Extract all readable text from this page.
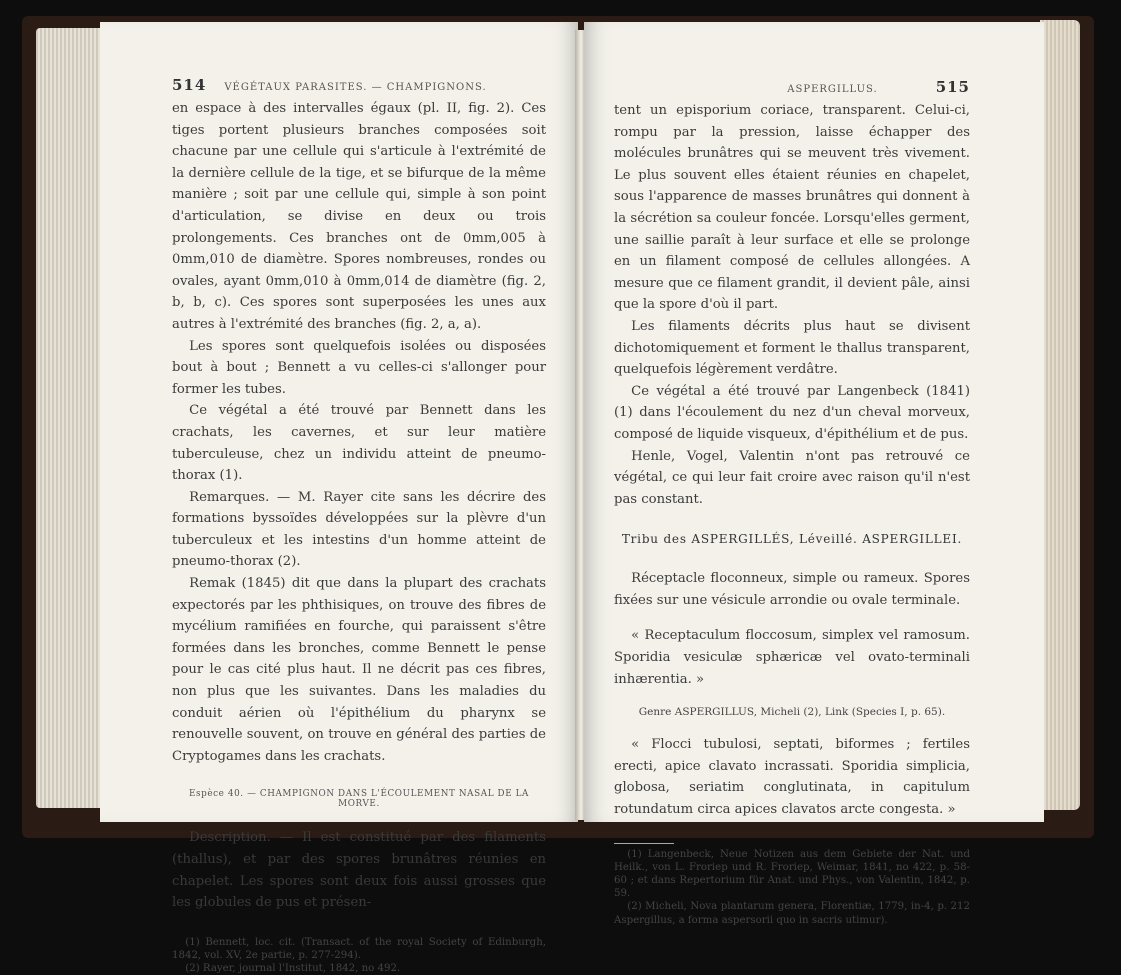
514 VÉGÉTAUX PARASITES. — CHAMPIGNONS.

en espace à des intervalles égaux (pl. II, fig. 2). Ces tiges portent plusieurs branches composées soit chacune par une cellule qui s'articule à l'extrémité de la dernière cellule de la tige, et se bifurque de la même manière ; soit par une cellule qui, simple à son point d'articulation, se divise en deux ou trois prolongements. Ces branches ont de 0mm,005 à 0mm,010 de diamètre. Spores nombreuses, rondes ou ovales, ayant 0mm,010 à 0mm,014 de diamètre (fig. 2, b, b, c). Ces spores sont superposées les unes aux autres à l'extrémité des branches (fig. 2, a, a).

Les spores sont quelquefois isolées ou disposées bout à bout ; Bennett a vu celles-ci s'allonger pour former les tubes.

Ce végétal a été trouvé par Bennett dans les crachats, les cavernes, et sur leur matière tuberculeuse, chez un individu atteint de pneumo-thorax (1).

Remarques. — M. Rayer cite sans les décrire des formations byssoïdes développées sur la plèvre d'un tuberculeux et les intestins d'un homme atteint de pneumo-thorax (2).

Remak (1845) dit que dans la plupart des crachats expectorés par les phthisiques, on trouve des fibres de mycélium ramifiées en fourche, qui paraissent s'être formées dans les bronches, comme Bennett le pense pour le cas cité plus haut. Il ne décrit pas ces fibres, non plus que les suivantes. Dans les maladies du conduit aérien où l'épithélium du pharynx se renouvelle souvent, on trouve en général des parties de Cryptogames dans les crachats.

Espèce 40. — CHAMPIGNON DANS L'ÉCOULEMENT NASAL DE LA MORVE.

Description. — Il est constitué par des filaments (thallus), et par des spores brunâtres réunies en chapelet. Les spores sont deux fois aussi grosses que les globules de pus et présen-

(1) Bennett, loc. cit. (Transact. of the royal Society of Edinburgh, 1842, vol. XV, 2e partie, p. 277-294).

(2) Rayer, journal l'Institut, 1842, no 492.

ASPERGILLUS.	515

tent un episporium coriace, transparent. Celui-ci, rompu par la pression, laisse échapper des molécules brunâtres qui se meuvent très vivement. Le plus souvent elles étaient réunies en chapelet, sous l'apparence de masses brunâtres qui donnent à la sécrétion sa couleur foncée. Lorsqu'elles germent, une saillie paraît à leur surface et elle se prolonge en un filament composé de cellules allongées. A mesure que ce filament grandit, il devient pâle, ainsi que la spore d'où il part.

Les filaments décrits plus haut se divisent dichotomiquement et forment le thallus transparent, quelquefois légèrement verdâtre.

Ce végétal a été trouvé par Langenbeck (1841) (1) dans l'écoulement du nez d'un cheval morveux, composé de liquide visqueux, d'épithélium et de pus.

Henle, Vogel, Valentin n'ont pas retrouvé ce végétal, ce qui leur fait croire avec raison qu'il n'est pas constant.

Tribu des ASPERGILLÉS, Léveillé. ASPERGILLEI.

Réceptacle floconneux, simple ou rameux. Spores fixées sur une vésicule arrondie ou ovale terminale.

« Receptaculum floccosum, simplex vel ramosum. Sporidia vesiculæ sphæricæ vel ovato-terminali inhærentia. »

Genre ASPERGILLUS, Micheli (2), Link (Species I, p. 65).

« Flocci tubulosi, septati, biformes ; fertiles erecti, apice clavato incrassati. Sporidia simplicia, globosa, seriatim conglutinata, in capitulum rotundatum circa apices clavatos arcte congesta. »

(1) Langenbeck, Neue Notizen aus dem Gebiete der Nat. und Heilk., von L. Froriep und R. Froriep, Weimar, 1841, no 422, p. 58-60 ; et dans Repertorium für Anat. und Phys., von Valentin, 1842, p. 59.

(2) Micheli, Nova plantarum genera, Florentiæ, 1779, in-4, p. 212 Aspergillus, a forma aspersorii quo in sacris utimur).
